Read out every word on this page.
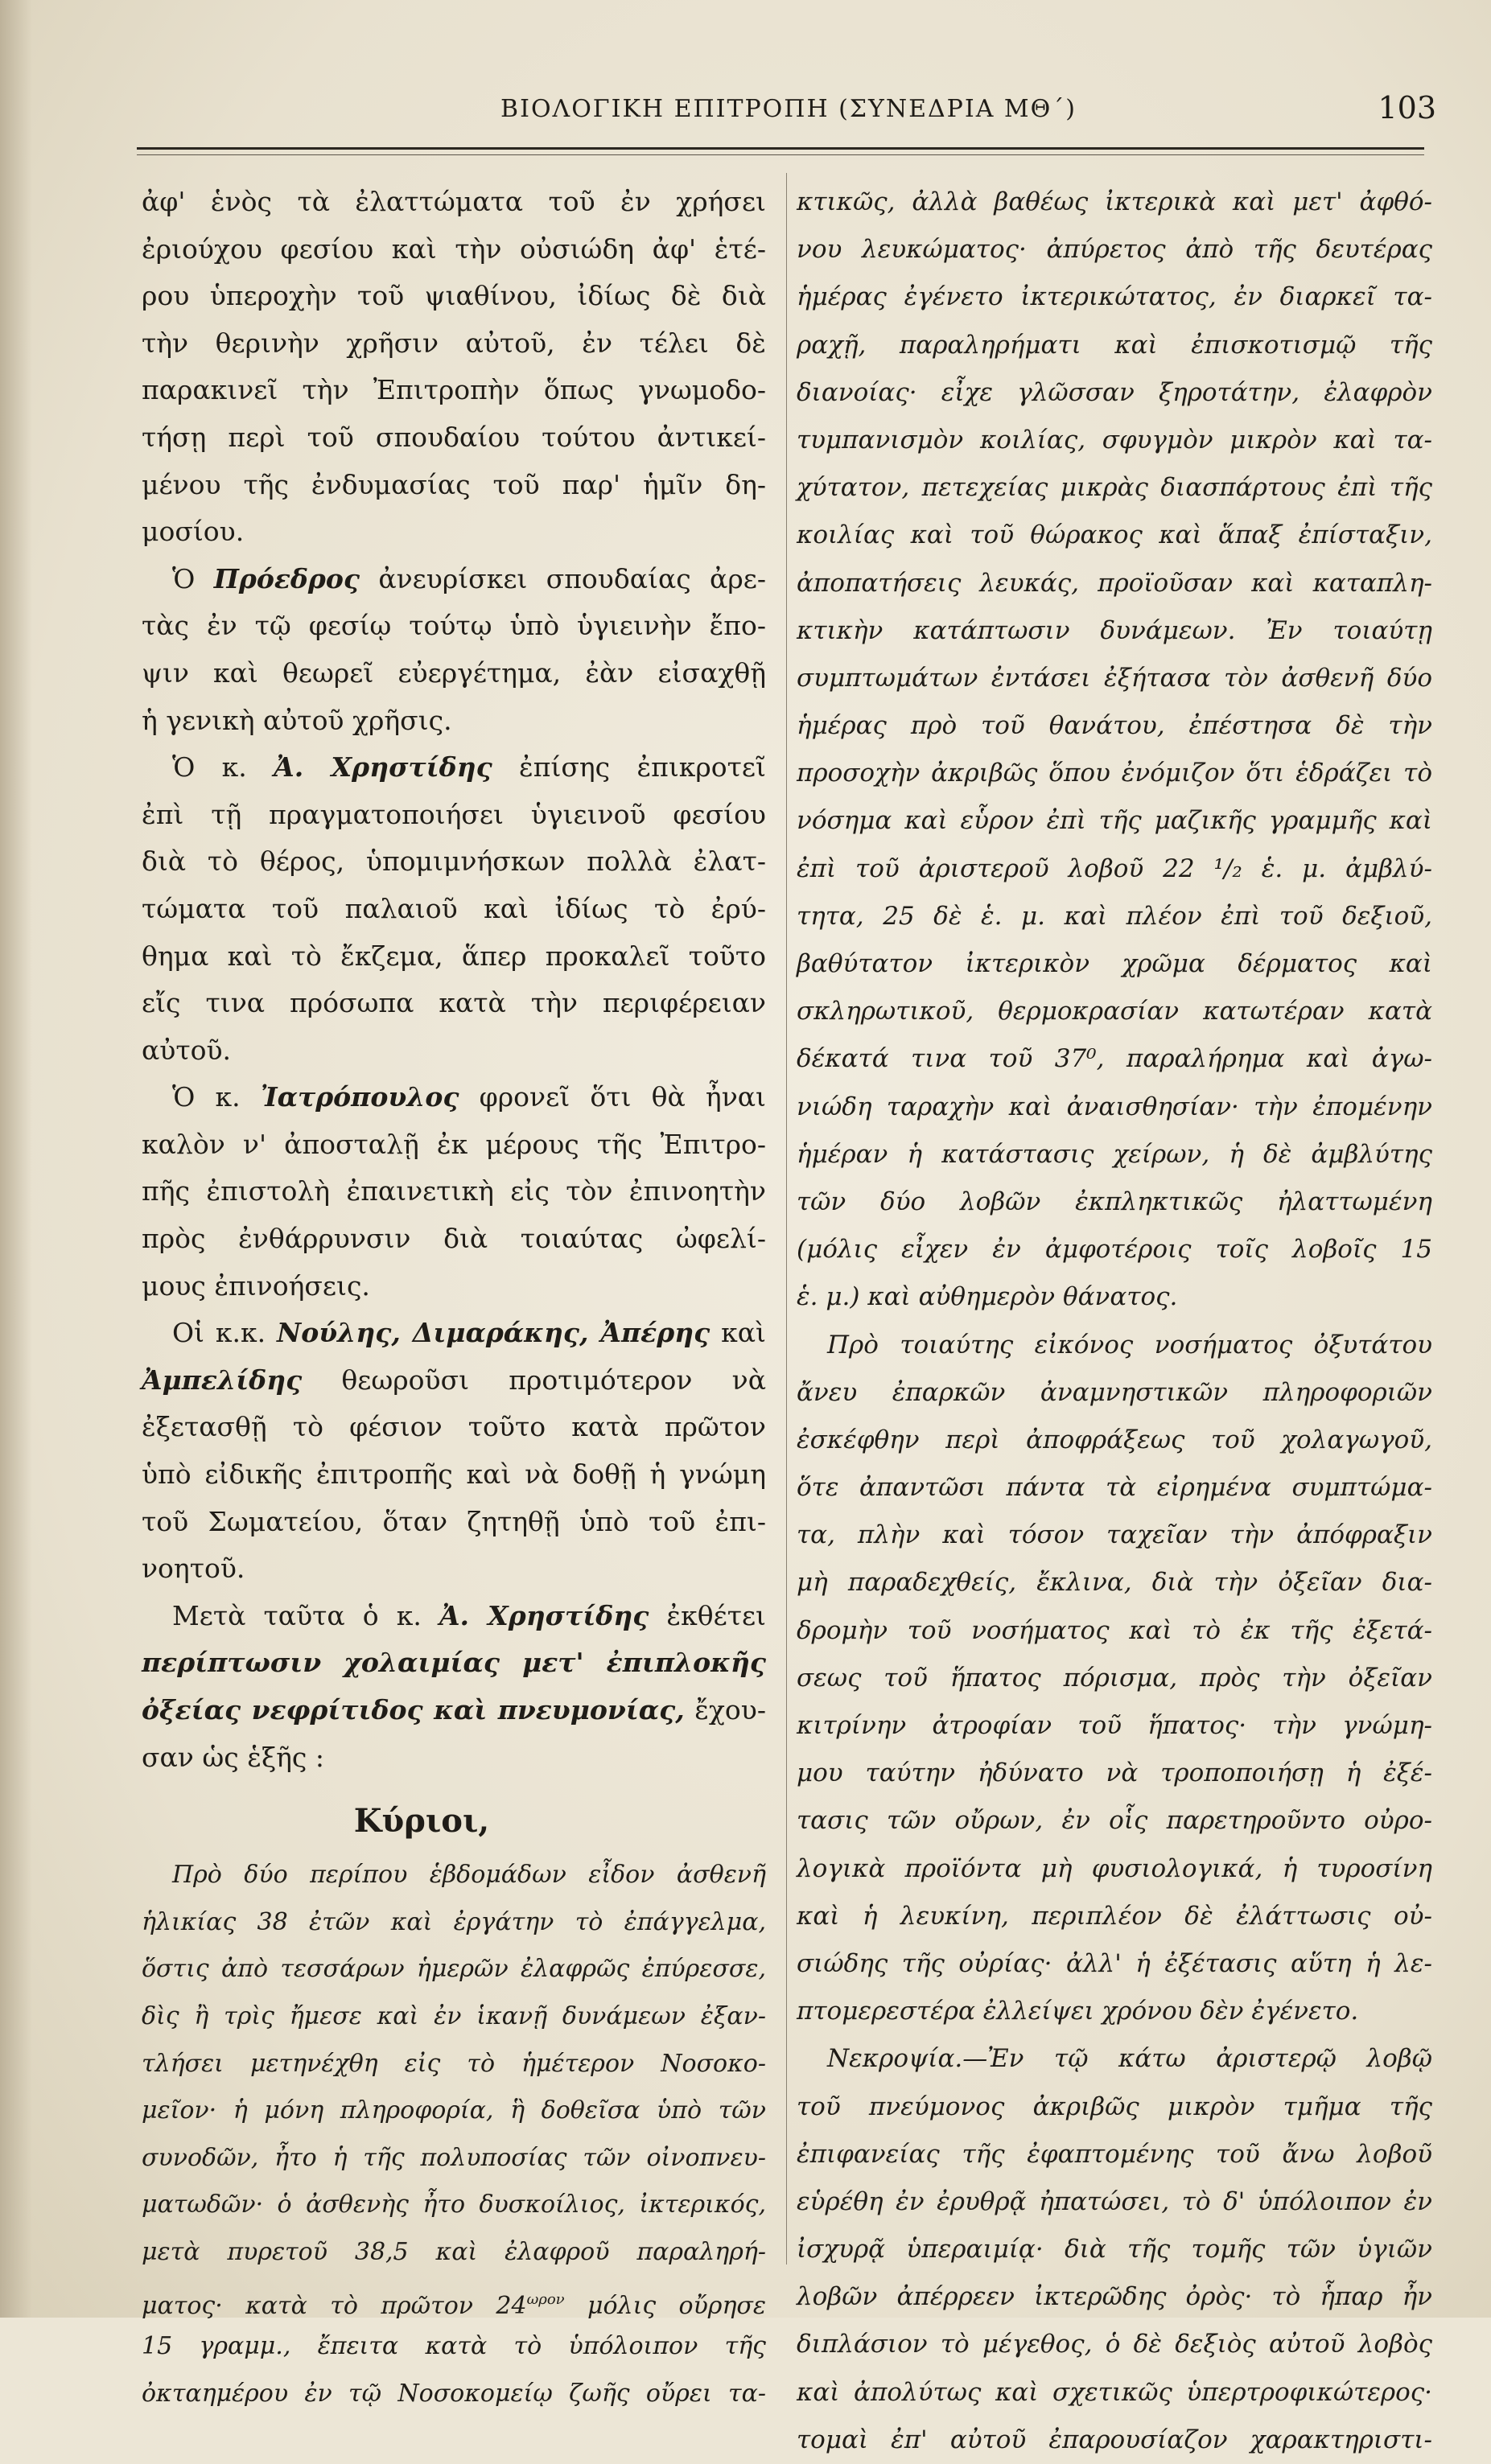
ΒΙΟΛΟΓΙΚΗ ΕΠΙΤΡΟΠΗ (ΣΥΝΕΔΡΙΑ ΜΘ΄)	103
ἀφ' ἑνὸς τὰ ἐλαττώματα τοῦ ἐν χρήσει
ἐριούχου φεσίου καὶ τὴν οὐσιώδη ἀφ' ἑτέ-
ρου ὑπεροχὴν τοῦ ψιαθίνου, ἰδίως δὲ διὰ
τὴν θερινὴν χρῆσιν αὐτοῦ, ἐν τέλει δὲ
παρακινεῖ τὴν Ἐπιτροπὴν ὅπως γνωμοδο-
τήσῃ περὶ τοῦ σπουδαίου τούτου ἀντικεί-
μένου τῆς ἐνδυμασίας τοῦ παρ' ἡμῖν δη-
μοσίου.
Ὁ Πρόεδρος ἀνευρίσκει σπουδαίας ἀρε-
τὰς ἐν τῷ φεσίῳ τούτῳ ὑπὸ ὑγιεινὴν ἔπο-
ψιν καὶ θεωρεῖ εὐεργέτημα, ἐὰν εἰσαχθῇ
ἡ γενικὴ αὐτοῦ χρῆσις.
Ὁ κ. Ἀ. Χρηστίδης ἐπίσης ἐπικροτεῖ
ἐπὶ τῇ πραγματοποιήσει ὑγιεινοῦ φεσίου
διὰ τὸ θέρος, ὑπομιμνήσκων πολλὰ ἐλατ-
τώματα τοῦ παλαιοῦ καὶ ἰδίως τὸ ἐρύ-
θημα καὶ τὸ ἔκζεμα, ἅπερ προκαλεῖ τοῦτο
εἴς τινα πρόσωπα κατὰ τὴν περιφέρειαν
αὐτοῦ.
Ὁ κ. Ἰατρόπουλος φρονεῖ ὅτι θὰ ἦναι
καλὸν ν' ἀποσταλῇ ἐκ μέρους τῆς Ἐπιτρο-
πῆς ἐπιστολὴ ἐπαινετικὴ εἰς τὸν ἐπινοητὴν
πρὸς ἐνθάρρυνσιν διὰ τοιαύτας ὠφελί-
μους ἐπινοήσεις.
Οἱ κ.κ. Νούλης, Διμαράκης, Ἀπέρης καὶ
Ἀμπελίδης θεωροῦσι προτιμότερον νὰ
ἐξετασθῇ τὸ φέσιον τοῦτο κατὰ πρῶτον
ὑπὸ εἰδικῆς ἐπιτροπῆς καὶ νὰ δοθῇ ἡ γνώμη
τοῦ Σωματείου, ὅταν ζητηθῇ ὑπὸ τοῦ ἐπι-
νοητοῦ.
Μετὰ ταῦτα ὁ κ. Ἀ. Χρηστίδης ἐκθέτει
περίπτωσιν χολαιμίας μετ' ἐπιπλοκῆς
ὀξείας νεφρίτιδος καὶ πνευμονίας, ἔχου-
σαν ὡς ἑξῆς :
Κύριοι,
Πρὸ δύο περίπου ἑβδομάδων εἶδον ἀσθενῆ
ἡλικίας 38 ἐτῶν καὶ ἐργάτην τὸ ἐπάγγελμα,
ὅστις ἀπὸ τεσσάρων ἡμερῶν ἐλαφρῶς ἐπύρεσσε,
δὶς ἢ τρὶς ἤμεσε καὶ ἐν ἱκανῇ δυνάμεων ἐξαν-
τλήσει μετηνέχθη εἰς τὸ ἡμέτερον Νοσοκο-
μεῖον· ἡ μόνη πληροφορία, ἣ δοθεῖσα ὑπὸ τῶν
συνοδῶν, ἦτο ἡ τῆς πολυποσίας τῶν οἰνοπνευ-
ματωδῶν· ὁ ἀσθενὴς ἦτο δυσκοίλιος, ἰκτερικός,
μετὰ πυρετοῦ 38,5 καὶ ἐλαφροῦ παραληρή-
ματος· κατὰ τὸ πρῶτον $24^{\omega\rho o\nu}$ μόλις οὔρησε
15 γραμμ., ἔπειτα κατὰ τὸ ὑπόλοιπον τῆς
ὀκταημέρου ἐν τῷ Νοσοκομείῳ ζωῆς οὔρει τα-
κτικῶς, ἀλλὰ βαθέως ἰκτερικὰ καὶ μετ' ἀφθό-
νου λευκώματος· ἀπύρετος ἀπὸ τῆς δευτέρας
ἡμέρας ἐγένετο ἰκτερικώτατος, ἐν διαρκεῖ τα-
ραχῇ, παραληρήματι καὶ ἐπισκοτισμῷ τῆς
διανοίας· εἶχε γλῶσσαν ξηροτάτην, ἐλαφρὸν
τυμπανισμὸν κοιλίας, σφυγμὸν μικρὸν καὶ τα-
χύτατον, πετεχείας μικρὰς διασπάρτους ἐπὶ τῆς
κοιλίας καὶ τοῦ θώρακος καὶ ἅπαξ ἐπίσταξιν,
ἀποπατήσεις λευκάς, προϊοῦσαν καὶ καταπλη-
κτικὴν κατάπτωσιν δυνάμεων. Ἐν τοιαύτῃ
συμπτωμάτων ἐντάσει ἐξήτασα τὸν ἀσθενῆ δύο
ἡμέρας πρὸ τοῦ θανάτου, ἐπέστησα δὲ τὴν
προσοχὴν ἀκριβῶς ὅπου ἐνόμιζον ὅτι ἑδράζει τὸ
νόσημα καὶ εὗρον ἐπὶ τῆς μαζικῆς γραμμῆς καὶ
ἐπὶ τοῦ ἀριστεροῦ λοβοῦ 22 ¹/₂ ἑ. μ. ἀμβλύ-
τητα, 25 δὲ ἑ. μ. καὶ πλέον ἐπὶ τοῦ δεξιοῦ,
βαθύτατον ἰκτερικὸν χρῶμα δέρματος καὶ
σκληρωτικοῦ, θερμοκρασίαν κατωτέραν κατὰ
δέκατά τινα τοῦ 37⁰, παραλήρημα καὶ ἀγω-
νιώδη ταραχὴν καὶ ἀναισθησίαν· τὴν ἐπομένην
ἡμέραν ἡ κατάστασις χείρων, ἡ δὲ ἀμβλύτης
τῶν δύο λοβῶν ἐκπληκτικῶς ἠλαττωμένη
(μόλις εἶχεν ἐν ἀμφοτέροις τοῖς λοβοῖς 15
ἑ. μ.) καὶ αὐθημερὸν θάνατος.
Πρὸ τοιαύτης εἰκόνος νοσήματος ὀξυτάτου
ἄνευ ἐπαρκῶν ἀναμνηστικῶν πληροφοριῶν
ἐσκέφθην περὶ ἀποφράξεως τοῦ χολαγωγοῦ,
ὅτε ἀπαντῶσι πάντα τὰ εἰρημένα συμπτώμα-
τα, πλὴν καὶ τόσον ταχεῖαν τὴν ἀπόφραξιν
μὴ παραδεχθείς, ἔκλινα, διὰ τὴν ὀξεῖαν δια-
δρομὴν τοῦ νοσήματος καὶ τὸ ἐκ τῆς ἐξετά-
σεως τοῦ ἥπατος πόρισμα, πρὸς τὴν ὀξεῖαν
κιτρίνην ἀτροφίαν τοῦ ἥπατος· τὴν γνώμη-
μου ταύτην ἠδύνατο νὰ τροποποιήσῃ ἡ ἐξέ-
τασις τῶν οὔρων, ἐν οἷς παρετηροῦντο οὐρο-
λογικὰ προϊόντα μὴ φυσιολογικά, ἡ τυροσίνη
καὶ ἡ λευκίνη, περιπλέον δὲ ἐλάττωσις οὐ-
σιώδης τῆς οὐρίας· ἀλλ' ἡ ἐξέτασις αὕτη ἡ λε-
πτομερεστέρα ἐλλείψει χρόνου δὲν ἐγένετο.
Νεκροψία.—Ἐν τῷ κάτω ἀριστερῷ λοβῷ
τοῦ πνεύμονος ἀκριβῶς μικρὸν τμῆμα τῆς
ἐπιφανείας τῆς ἐφαπτομένης τοῦ ἄνω λοβοῦ
εὑρέθη ἐν ἐρυθρᾷ ἠπατώσει, τὸ δ' ὑπόλοιπον ἐν
ἰσχυρᾷ ὑπεραιμίᾳ· διὰ τῆς τομῆς τῶν ὑγιῶν
λοβῶν ἀπέρρεεν ἰκτερῶδης ὀρὸς· τὸ ἧπαρ ἦν
διπλάσιον τὸ μέγεθος, ὁ δὲ δεξιὸς αὐτοῦ λοβὸς
καὶ ἀπολύτως καὶ σχετικῶς ὑπερτροφικώτερος·
τομαὶ ἐπ' αὐτοῦ ἐπαρουσίαζον χαρακτηριστι-
